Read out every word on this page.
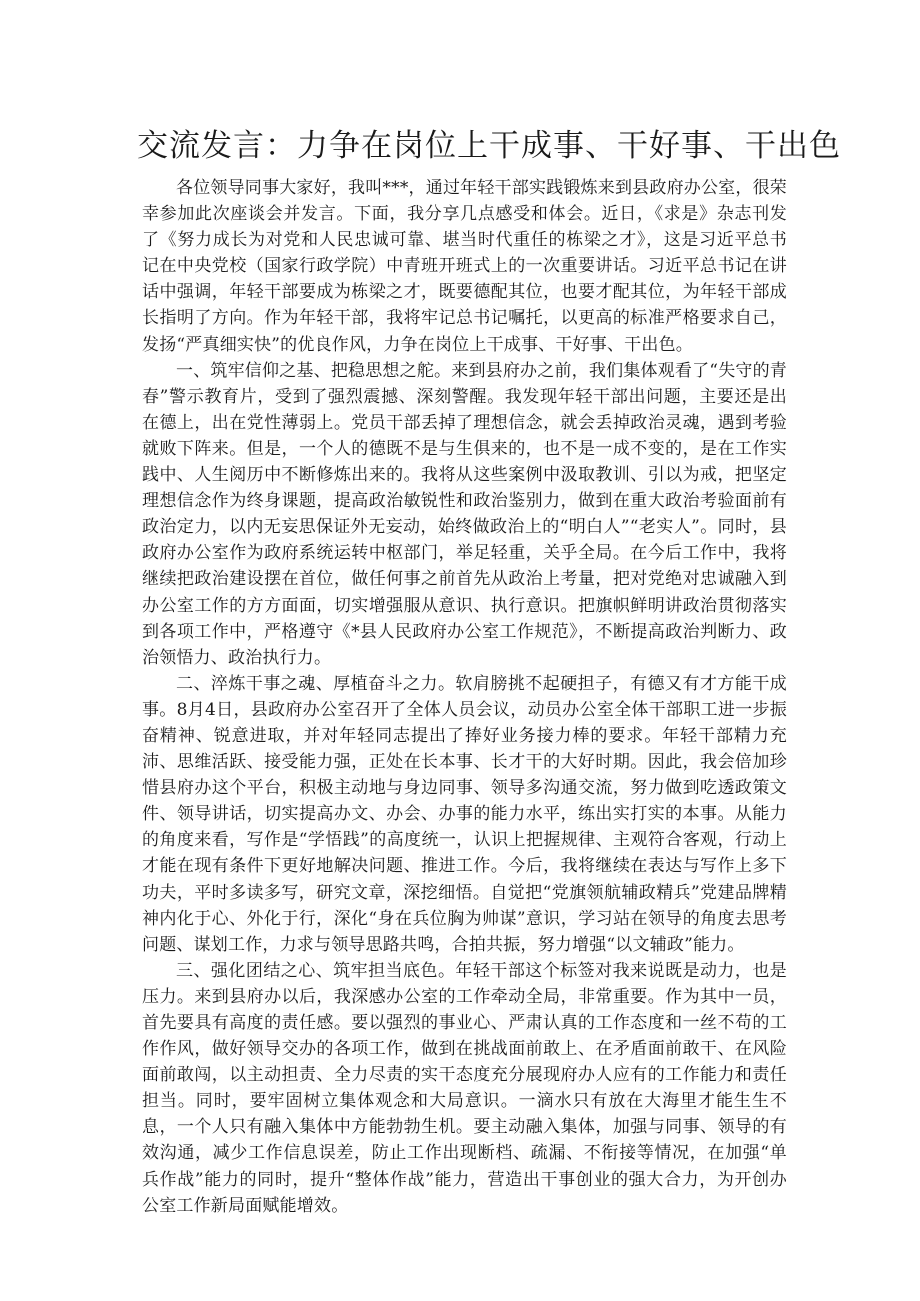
交流发言：力争在岗位上干成事、干好事、干出色

各位领导同事大家好，我叫***，通过年轻干部实践锻炼来到县政府办公室，很荣幸参加此次座谈会并发言。下面，我分享几点感受和体会。近日，《求是》杂志刊发了《努力成长为对党和人民忠诚可靠、堪当时代重任的栋梁之才》，这是习近平总书记在中央党校（国家行政学院）中青班开班式上的一次重要讲话。习近平总书记在讲话中强调，年轻干部要成为栋梁之才，既要德配其位，也要才配其位，为年轻干部成长指明了方向。作为年轻干部，我将牢记总书记嘱托，以更高的标准严格要求自己，发扬“严真细实快”的优良作风，力争在岗位上干成事、干好事、干出色。

一、筑牢信仰之基、把稳思想之舵。来到县府办之前，我们集体观看了“失守的青春”警示教育片，受到了强烈震撼、深刻警醒。我发现年轻干部出问题，主要还是出在德上，出在党性薄弱上。党员干部丢掉了理想信念，就会丢掉政治灵魂，遇到考验就败下阵来。但是，一个人的德既不是与生俱来的，也不是一成不变的，是在工作实践中、人生阅历中不断修炼出来的。我将从这些案例中汲取教训、引以为戒，把坚定理想信念作为终身课题，提高政治敏锐性和政治鉴别力，做到在重大政治考验面前有政治定力，以内无妄思保证外无妄动，始终做政治上的“明白人”“老实人”。同时，县政府办公室作为政府系统运转中枢部门，举足轻重，关乎全局。在今后工作中，我将继续把政治建设摆在首位，做任何事之前首先从政治上考量，把对党绝对忠诚融入到办公室工作的方方面面，切实增强服从意识、执行意识。把旗帜鲜明讲政治贯彻落实到各项工作中，严格遵守《*县人民政府办公室工作规范》，不断提高政治判断力、政治领悟力、政治执行力。

二、淬炼干事之魂、厚植奋斗之力。软肩膀挑不起硬担子，有德又有才方能干成事。8月4日，县政府办公室召开了全体人员会议，动员办公室全体干部职工进一步振奋精神、锐意进取，并对年轻同志提出了捧好业务接力棒的要求。年轻干部精力充沛、思维活跃、接受能力强，正处在长本事、长才干的大好时期。因此，我会倍加珍惜县府办这个平台，积极主动地与身边同事、领导多沟通交流，努力做到吃透政策文件、领导讲话，切实提高办文、办会、办事的能力水平，练出实打实的本事。从能力的角度来看，写作是“学悟践”的高度统一，认识上把握规律、主观符合客观，行动上才能在现有条件下更好地解决问题、推进工作。今后，我将继续在表达与写作上多下功夫，平时多读多写，研究文章，深挖细悟。自觉把“党旗领航辅政精兵”党建品牌精神内化于心、外化于行，深化“身在兵位胸为帅谋”意识，学习站在领导的角度去思考问题、谋划工作，力求与领导思路共鸣，合拍共振，努力增强“以文辅政”能力。

三、强化团结之心、筑牢担当底色。年轻干部这个标签对我来说既是动力，也是压力。来到县府办以后，我深感办公室的工作牵动全局，非常重要。作为其中一员，首先要具有高度的责任感。要以强烈的事业心、严肃认真的工作态度和一丝不苟的工作作风，做好领导交办的各项工作，做到在挑战面前敢上、在矛盾面前敢干、在风险面前敢闯，以主动担责、全力尽责的实干态度充分展现府办人应有的工作能力和责任担当。同时，要牢固树立集体观念和大局意识。一滴水只有放在大海里才能生生不息，一个人只有融入集体中方能勃勃生机。要主动融入集体，加强与同事、领导的有效沟通，减少工作信息误差，防止工作出现断档、疏漏、不衔接等情况，在加强“单兵作战”能力的同时，提升“整体作战”能力，营造出干事创业的强大合力，为开创办公室工作新局面赋能增效。
